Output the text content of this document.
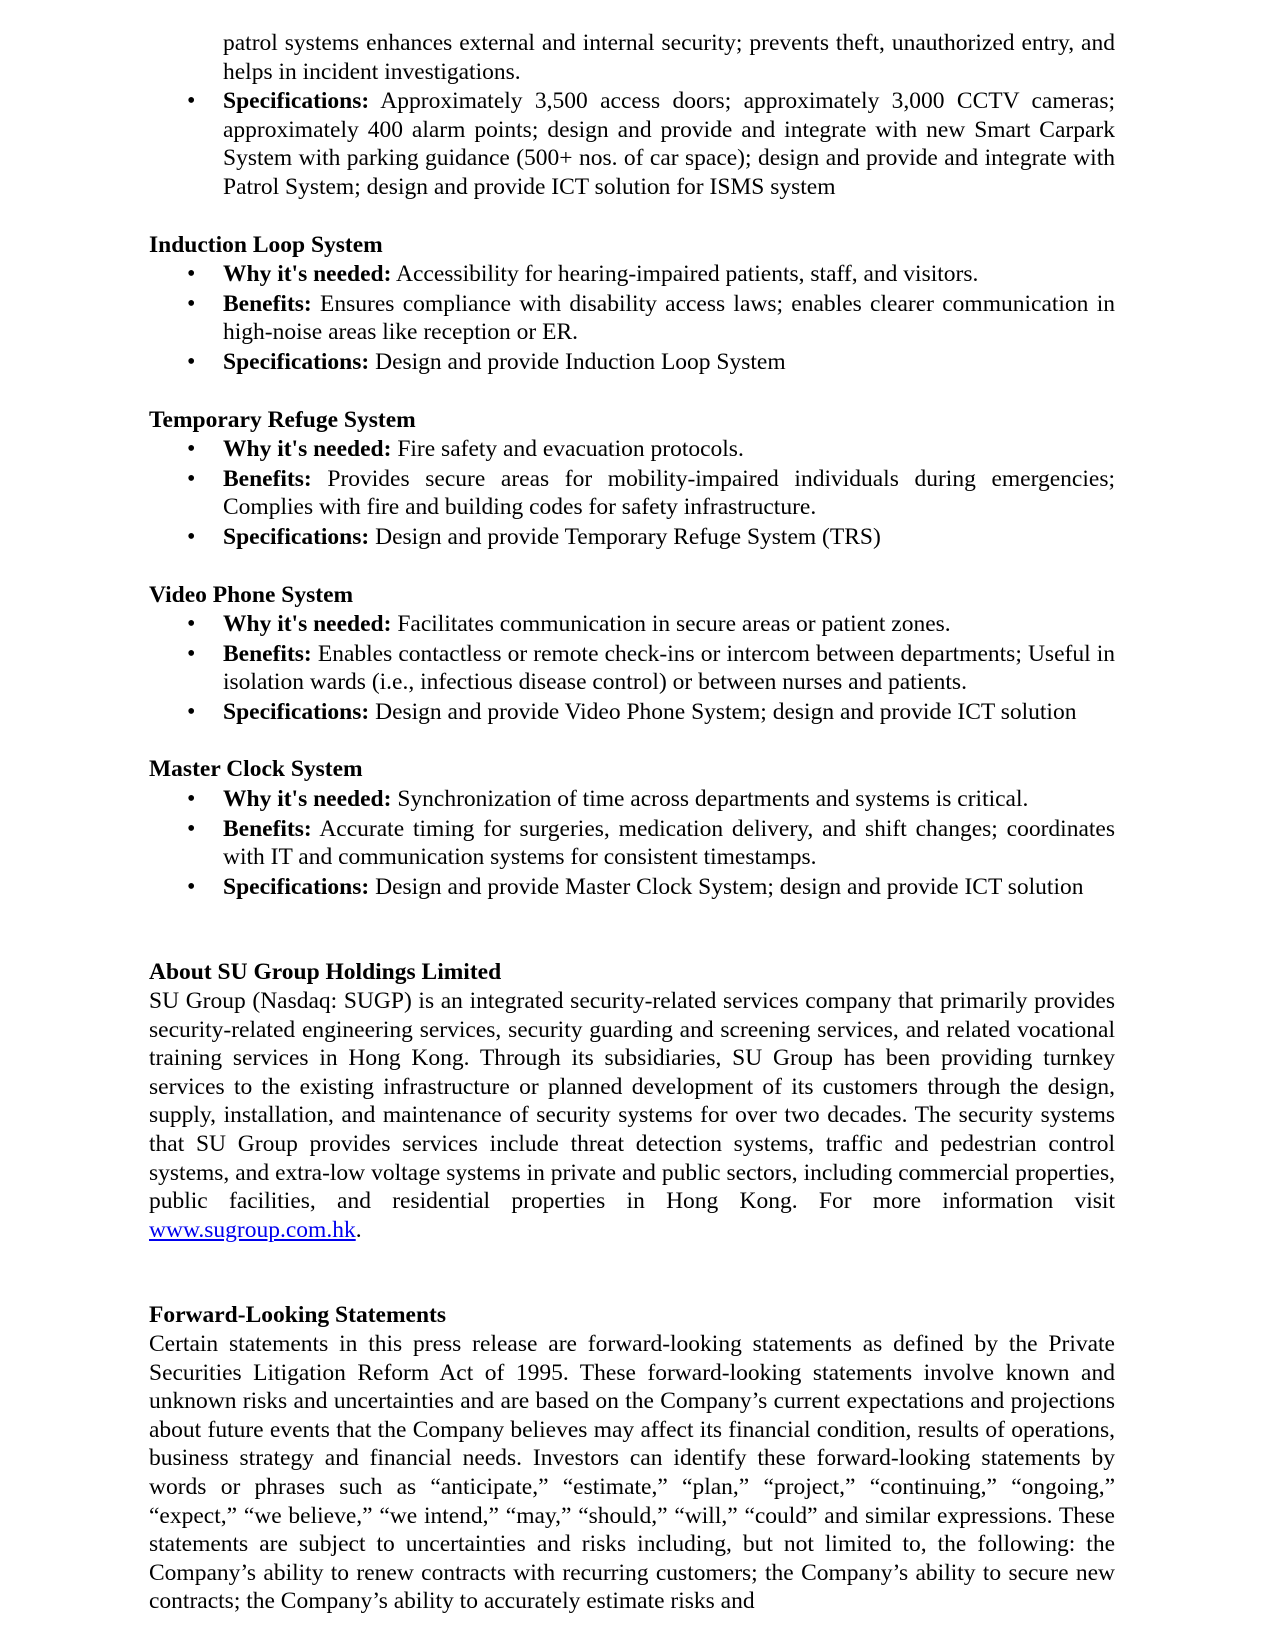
patrol systems enhances external and internal security; prevents theft, unauthorized entry, and helps in incident investigations.
• Specifications: Approximately 3,500 access doors; approximately 3,000 CCTV cameras; approximately 400 alarm points; design and provide and integrate with new Smart Carpark System with parking guidance (500+ nos. of car space); design and provide and integrate with Patrol System; design and provide ICT solution for ISMS system

Induction Loop System

• Why it's needed: Accessibility for hearing-impaired patients, staff, and visitors.
• Benefits: Ensures compliance with disability access laws; enables clearer communication in high-noise areas like reception or ER.
• Specifications: Design and provide Induction Loop System

Temporary Refuge System

• Why it's needed: Fire safety and evacuation protocols.
• Benefits: Provides secure areas for mobility-impaired individuals during emergencies; Complies with fire and building codes for safety infrastructure.
• Specifications: Design and provide Temporary Refuge System (TRS)

Video Phone System

• Why it's needed: Facilitates communication in secure areas or patient zones.
• Benefits: Enables contactless or remote check-ins or intercom between departments; Useful in isolation wards (i.e., infectious disease control) or between nurses and patients.
• Specifications: Design and provide Video Phone System; design and provide ICT solution

Master Clock System

• Why it's needed: Synchronization of time across departments and systems is critical.
• Benefits: Accurate timing for surgeries, medication delivery, and shift changes; coordinates with IT and communication systems for consistent timestamps.
• Specifications: Design and provide Master Clock System; design and provide ICT solution

About SU Group Holdings Limited

SU Group (Nasdaq: SUGP) is an integrated security-related services company that primarily provides security-related engineering services, security guarding and screening services, and related vocational training services in Hong Kong. Through its subsidiaries, SU Group has been providing turnkey services to the existing infrastructure or planned development of its customers through the design, supply, installation, and maintenance of security systems for over two decades. The security systems that SU Group provides services include threat detection systems, traffic and pedestrian control systems, and extra-low voltage systems in private and public sectors, including commercial properties, public facilities, and residential properties in Hong Kong. For more information visit www.sugroup.com.hk.

Forward-Looking Statements

Certain statements in this press release are forward-looking statements as defined by the Private Securities Litigation Reform Act of 1995. These forward-looking statements involve known and unknown risks and uncertainties and are based on the Company’s current expectations and projections about future events that the Company believes may affect its financial condition, results of operations, business strategy and financial needs. Investors can identify these forward-looking statements by words or phrases such as “anticipate,” “estimate,” “plan,” “project,” “continuing,” “ongoing,” “expect,” “we believe,” “we intend,” “may,” “should,” “will,” “could” and similar expressions. These statements are subject to uncertainties and risks including, but not limited to, the following: the Company’s ability to renew contracts with recurring customers; the Company’s ability to secure new contracts; the Company’s ability to accurately estimate risks and
